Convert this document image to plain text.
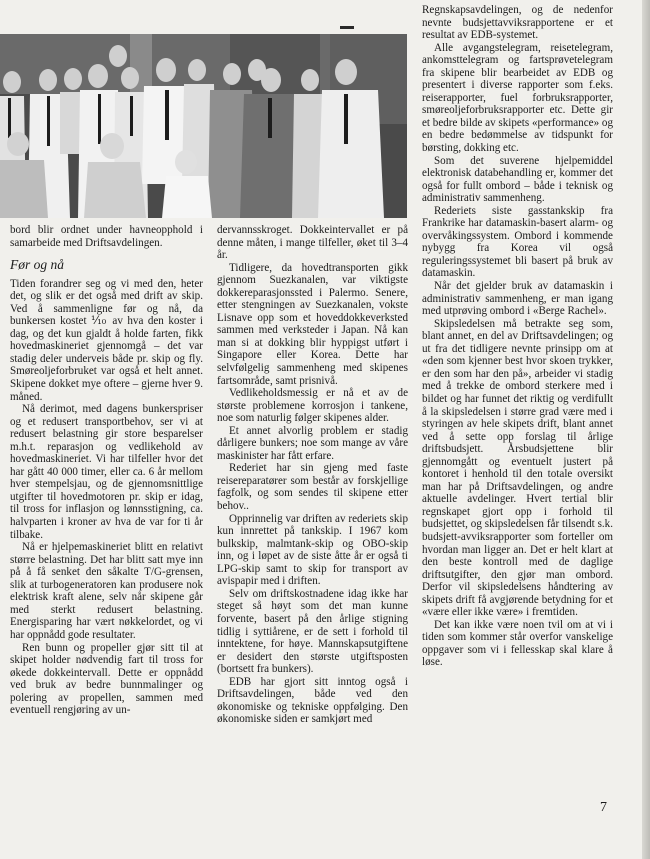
bord blir ordnet under havneopphold i samarbeide med Driftsavdelingen.

Før og nå

Tiden forandrer seg og vi med den, heter det, og slik er det også med drift av skip. Ved å sammenligne før og nå, da bunkersen kostet ⅒ av hva den koster i dag, og det kun gjaldt å holde farten, fikk hovedmaskineriet gjennomgå – det var stadig deler underveis både pr. skip og fly. Smøreoljeforbruket var også et helt annet. Skipene dokket mye oftere – gjerne hver 9. måned.

Nå derimot, med dagens bunkerspriser og et redusert transportbehov, ser vi at redusert belastning gir store besparelser m.h.t. reparasjon og vedlikehold av hovedmaskineriet. Vi har tilfeller hvor det har gått 40 000 timer, eller ca. 6 år mellom hver stempelsjau, og de gjennomsnittlige utgifter til hovedmotoren pr. skip er idag, til tross for inflasjon og lønnsstigning, ca. halvparten i kroner av hva de var for ti år tilbake.

Nå er hjelpemaskineriet blitt en relativt større belastning. Det har blitt satt mye inn på å få senket den såkalte T/G-grensen, slik at turbogeneratoren kan produsere nok elektrisk kraft alene, selv når skipene går med sterkt redusert belastning. Energisparing har vært nøkkelordet, og vi har oppnådd gode resultater.

Ren bunn og propeller gjør sitt til at skipet holder nødvendig fart til tross for økede dokkeintervall. Dette er oppnådd ved bruk av bedre bunnmalinger og polering av propellen, sammen med eventuell rengjøring av un-

dervannsskroget. Dokkeintervallet er på denne måten, i mange tilfeller, øket til 3–4 år.

Tidligere, da hovedtransporten gikk gjennom Suezkanalen, var viktigste dokkereparasjonssted i Palermo. Senere, etter stengningen av Suezkanalen, vokste Lisnave opp som et hoveddokkeverksted sammen med verksteder i Japan. Nå kan man si at dokking blir hyppigst utført i Singapore eller Korea. Dette har selvfølgelig sammenheng med skipenes fartsområde, samt prisnivå.

Vedlikeholdsmessig er nå et av de største problemene korrosjon i tankene, noe som naturlig følger skipenes alder.

Et annet alvorlig problem er stadig dårligere bunkers; noe som mange av våre maskinister har fått erfare.

Rederiet har sin gjeng med faste reisereparatører som består av forskjellige fagfolk, og som sendes til skipene etter behov..

Opprinnelig var driften av rederiets skip kun innrettet på tankskip. I 1967 kom bulkskip, malmtank-skip og OBO-skip inn, og i løpet av de siste åtte år er også ti LPG-skip samt to skip for transport av avispapir med i driften.

Selv om driftskostnadene idag ikke har steget så høyt som det man kunne forvente, basert på den årlige stigning tidlig i syttiårene, er de sett i forhold til inntektene, for høye. Mannskapsutgiftene er desidert den største utgiftsposten (bortsett fra bunkers).

EDB har gjort sitt inntog også i Driftsavdelingen, både ved den økonomiske og tekniske oppfølging. Den økonomiske siden er samkjørt med

Regnskapsavdelingen, og de nedenfor nevnte budsjettavviksrapportene er et resultat av EDB-systemet.

Alle avgangstelegram, reisetelegram, ankomsttelegram og fartsprøvetelegram fra skipene blir bearbeidet av EDB og presentert i diverse rapporter som f.eks. reiserapporter, fuel forbruksrapporter, smøreoljeforbruksrapporter etc. Dette gir et bedre bilde av skipets «performance» og en bedre bedømmelse av tidspunkt for børsting, dokking etc.

Som det suverene hjelpemiddel elektronisk databehandling er, kommer det også for fullt ombord – både i teknisk og administrativ sammenheng.

Rederiets siste gasstankskip fra Frankrike har datamaskin-basert alarm- og overvåkingssystem. Ombord i kommende nybygg fra Korea vil også reguleringssystemet bli basert på bruk av datamaskin.

Når det gjelder bruk av datamaskin i administrativ sammenheng, er man igang med utprøving ombord i «Berge Rachel».

Skipsledelsen må betrakte seg som, blant annet, en del av Driftsavdelingen; og ut fra det tidligere nevnte prinsipp om at «den som kjenner best hvor skoen trykker, er den som har den på», arbeider vi stadig med å trekke de ombord sterkere med i bildet og har funnet det riktig og verdifullt å la skipsledelsen i større grad være med i styringen av hele skipets drift, blant annet ved å sette opp forslag til årlige driftsbudsjett. Årsbudsjettene blir gjennomgått og eventuelt justert på kontoret i henhold til den totale oversikt man har på Driftsavdelingen, og andre aktuelle avdelinger. Hvert tertial blir regnskapet gjort opp i forhold til budsjettet, og skipsledelsen får tilsendt s.k. budsjett-avviksrapporter som forteller om hvordan man ligger an. Det er helt klart at den beste kontroll med de daglige driftsutgifter, den gjør man ombord. Derfor vil skipsledelsens håndtering av skipets drift få avgjørende betydning for et «være eller ikke være» i fremtiden.

Det kan ikke være noen tvil om at vi i tiden som kommer står overfor vanskelige oppgaver som vi i fellesskap skal klare å løse.

7
